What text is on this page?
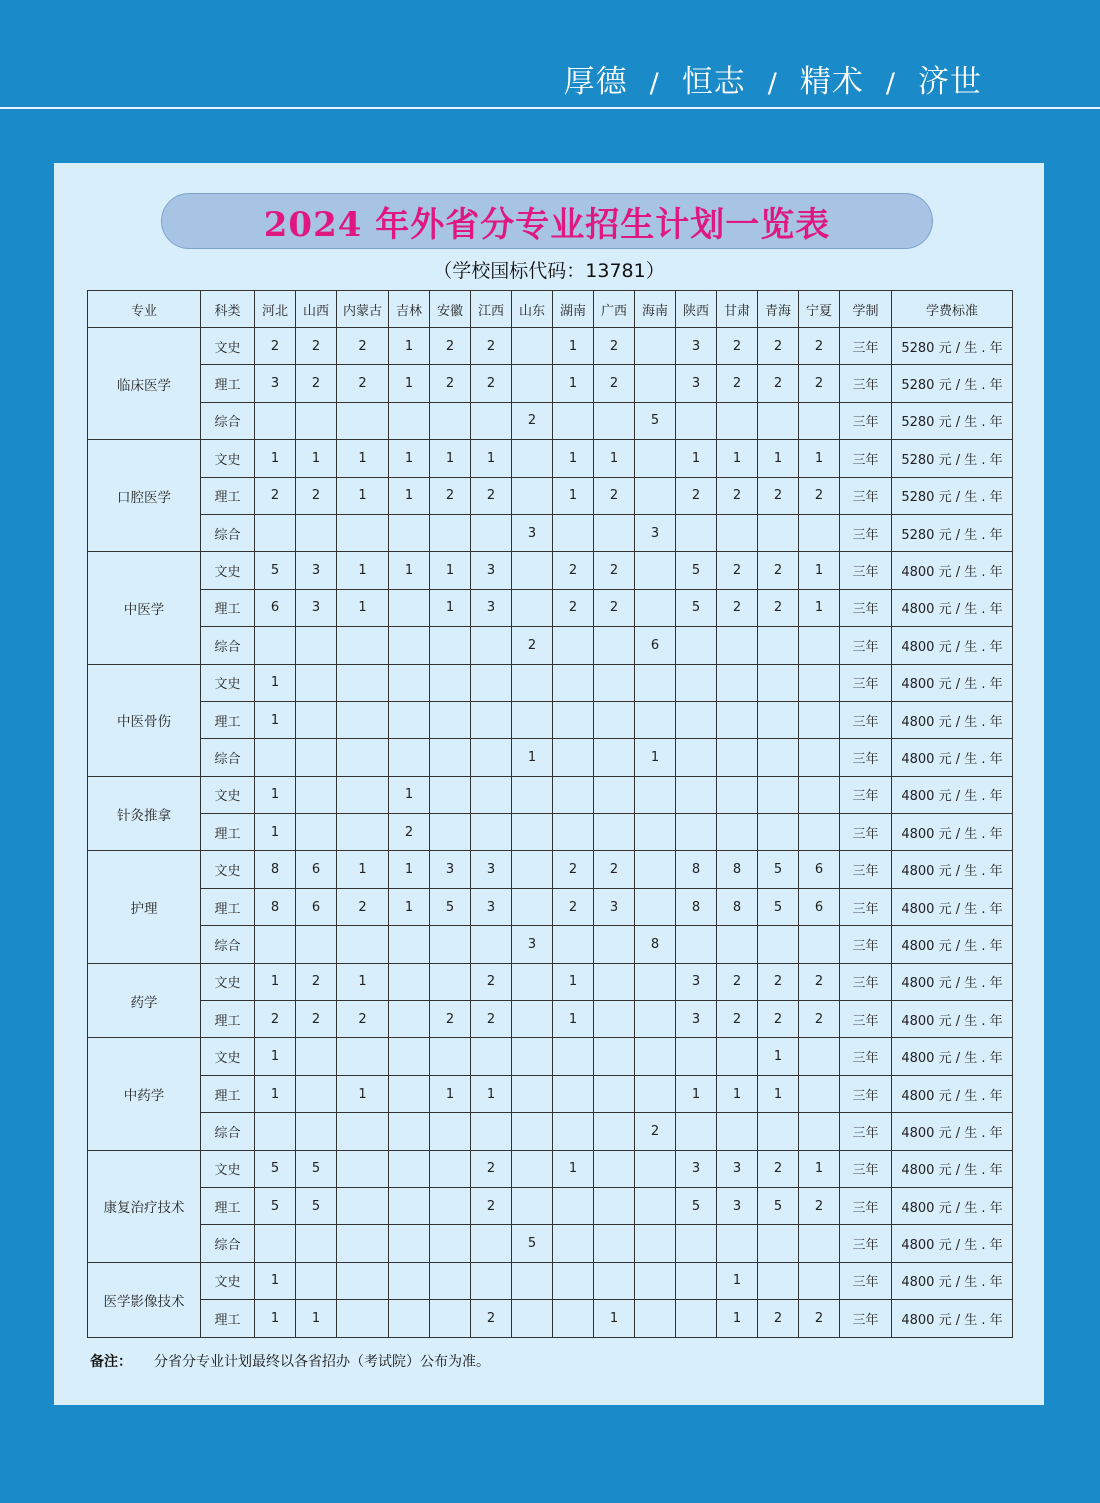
厚德 / 恒志 / 精术 / 济世
2024 年外省分专业招生计划一览表
（学校国标代码：13781）
专业	科类	河北	山西	内蒙古	吉林	安徽	江西	山东	湖南	广西	海南	陕西	甘肃	青海	宁夏	学制	学费标准
临床医学	文史	2	2	2	1	2	2		1	2		3	2	2	2	三年	5280 元 / 生 . 年
	理工	3	2	2	1	2	2		1	2		3	2	2	2	三年	5280 元 / 生 . 年
	综合							2			5					三年	5280 元 / 生 . 年
口腔医学	文史	1	1	1	1	1	1		1	1		1	1	1	1	三年	5280 元 / 生 . 年
	理工	2	2	1	1	2	2		1	2		2	2	2	2	三年	5280 元 / 生 . 年
	综合							3			3					三年	5280 元 / 生 . 年
中医学	文史	5	3	1	1	1	3		2	2		5	2	2	1	三年	4800 元 / 生 . 年
	理工	6	3	1		1	3		2	2		5	2	2	1	三年	4800 元 / 生 . 年
	综合							2			6					三年	4800 元 / 生 . 年
中医骨伤	文史	1														三年	4800 元 / 生 . 年
	理工	1														三年	4800 元 / 生 . 年
	综合							1			1					三年	4800 元 / 生 . 年
针灸推拿	文史	1			1											三年	4800 元 / 生 . 年
	理工	1			2											三年	4800 元 / 生 . 年
护理	文史	8	6	1	1	3	3		2	2		8	8	5	6	三年	4800 元 / 生 . 年
	理工	8	6	2	1	5	3		2	3		8	8	5	6	三年	4800 元 / 生 . 年
	综合							3			8					三年	4800 元 / 生 . 年
药学	文史	1	2	1			2		1			3	2	2	2	三年	4800 元 / 生 . 年
	理工	2	2	2		2	2		1			3	2	2	2	三年	4800 元 / 生 . 年
中药学	文史	1												1		三年	4800 元 / 生 . 年
	理工	1		1		1	1					1	1	1		三年	4800 元 / 生 . 年
	综合										2					三年	4800 元 / 生 . 年
康复治疗技术	文史	5	5				2		1			3	3	2	1	三年	4800 元 / 生 . 年
	理工	5	5				2					5	3	5	2	三年	4800 元 / 生 . 年
	综合							5								三年	4800 元 / 生 . 年
医学影像技术	文史	1											1			三年	4800 元 / 生 . 年
	理工	1	1				2			1			1	2	2	三年	4800 元 / 生 . 年
备注： 分省分专业计划最终以各省招办（考试院）公布为准。
